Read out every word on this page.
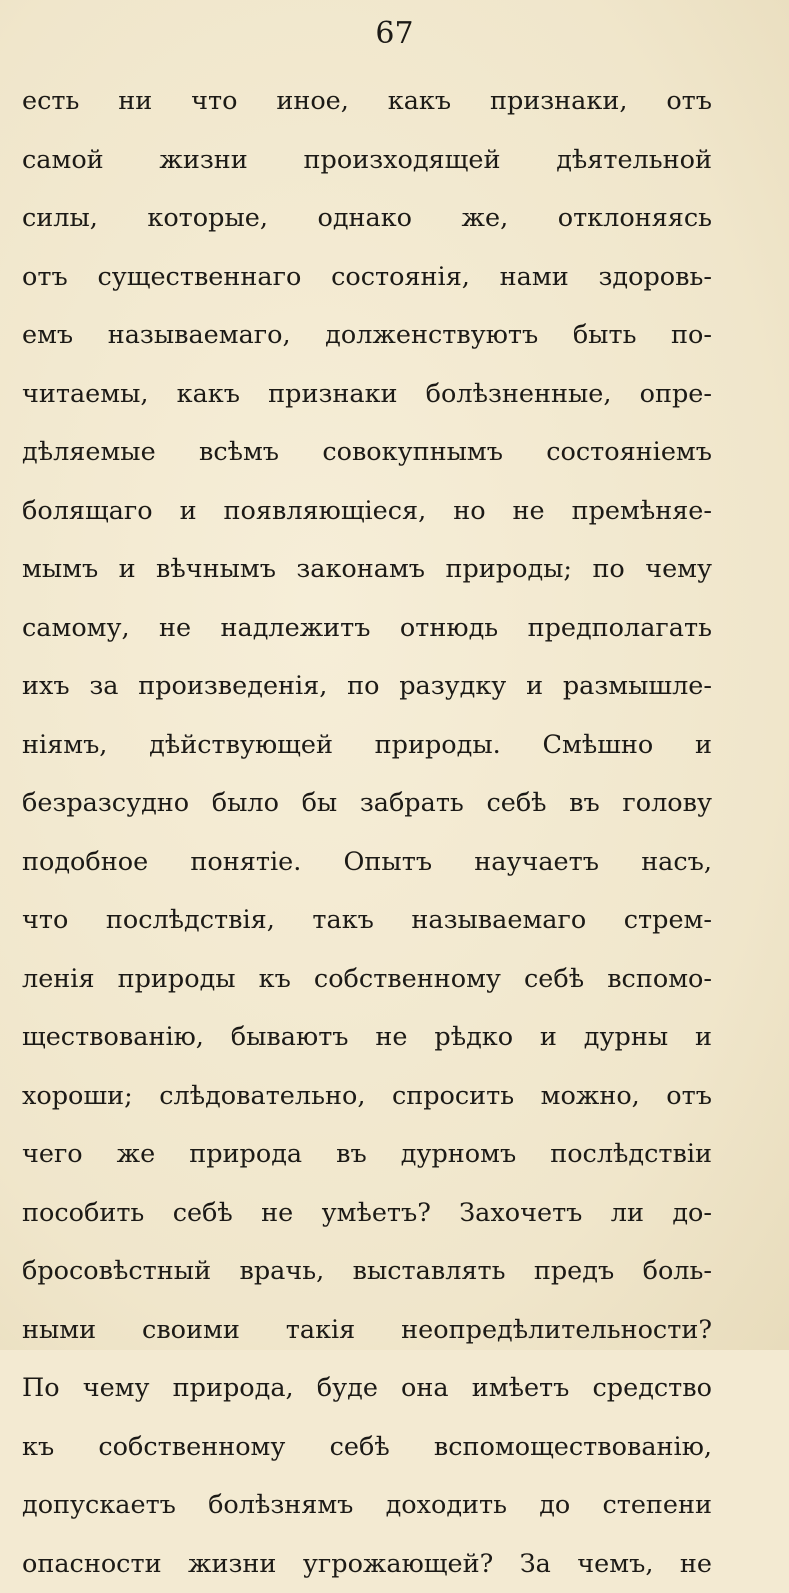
67
есть ни что иное, какъ признаки, отъ
самой жизни произходящей дѣятельной
силы, которые, однако же, отклоняясь
отъ существеннаго состоянія, нами здоровь-
емъ называемаго, долженствуютъ быть по-
читаемы, какъ признаки болѣзненные, опре-
дѣляемые всѣмъ совокупнымъ состояніемъ
болящаго и появляющіеся, но не премѣняе-
мымъ и вѣчнымъ законамъ природы; по чему
самому, не надлежитъ отнюдь предполагать
ихъ за произведенія, по разудку и размышле-
ніямъ, дѣйствующей природы. Смѣшно и
безразсудно было бы забрать себѣ въ голову
подобное понятіе. Опытъ научаетъ насъ,
что послѣдствія, такъ называемаго стрем-
ленія природы къ собственному себѣ вспомо-
ществованію, бываютъ не рѣдко и дурны и
хороши; слѣдовательно, спросить можно, отъ
чего же природа въ дурномъ послѣдствіи
пособить себѣ не умѣетъ? Захочетъ ли до-
бросовѣстный врачь, выставлять предъ боль-
ными своими такія неопредѣлительности?
По чему природа, буде она имѣетъ средство
къ собственному себѣ вспомоществованію,
допускаетъ болѣзнямъ доходить до степени
опасности жизни угрожающей? За чемъ, не
